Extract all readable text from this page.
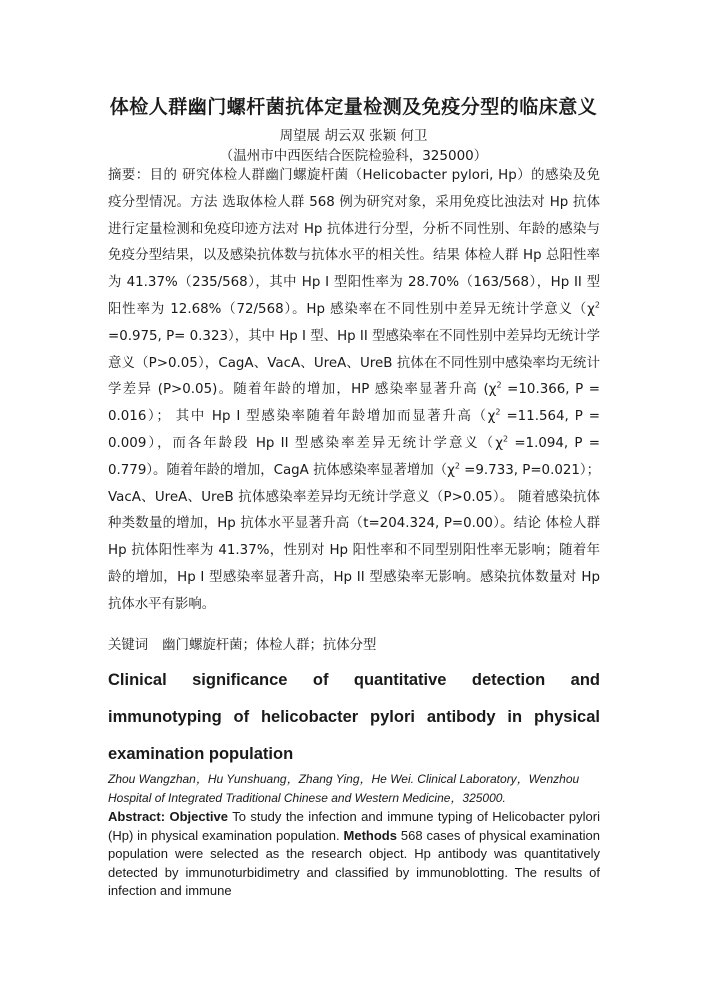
体检人群幽门螺杆菌抗体定量检测及免疫分型的临床意义
周望展 胡云双 张颖 何卫
（温州市中西医结合医院检验科，325000）
摘要：目的 研究体检人群幽门螺旋杆菌（Helicobacter pylori, Hp）的感染及免疫分型情况。方法 选取体检人群 568 例为研究对象，采用免疫比浊法对 Hp 抗体进行定量检测和免疫印迹方法对 Hp 抗体进行分型，分析不同性别、年龄的感染与免疫分型结果，以及感染抗体数与抗体水平的相关性。结果 体检人群 Hp 总阳性率为 41.37%（235/568），其中 Hp I 型阳性率为 28.70%（163/568），Hp II 型阳性率为 12.68%（72/568）。Hp 感染率在不同性别中差异无统计学意义（$\chi^2 =0.975$, P= 0.323），其中 Hp I 型、Hp II 型感染率在不同性别中差异均无统计学意义（P>0.05），CagA、VacA、UreA、UreB 抗体在不同性别中感染率均无统计学差异 (P>0.05)。随着年龄的增加，HP 感染率显著升高 ($\chi^2 =10.366$, P = 0.016）； 其中 Hp I 型感染率随着年龄增加而显著升高（$\chi^2 =11.564$, P = 0.009），而各年龄段 Hp II 型感染率差异无统计学意义（$\chi^2 =1.094$, P = 0.779）。随着年龄的增加，CagA 抗体感染率显著增加（$\chi^2 =9.733$, P=0.021）；VacA、UreA、UreB 抗体感染率差异均无统计学意义（P>0.05）。 随着感染抗体种类数量的增加，Hp 抗体水平显著升高（t=204.324, P=0.00）。结论 体检人群 Hp 抗体阳性率为 41.37%，性别对 Hp 阳性率和不同型别阳性率无影响；随着年龄的增加，Hp I 型感染率显著升高，Hp II 型感染率无影响。感染抗体数量对 Hp 抗体水平有影响。
关键词 幽门螺旋杆菌；体检人群；抗体分型
Clinical significance of quantitative detection and immunotyping of helicobacter pylori antibody in physical examination population
Zhou Wangzhan，Hu Yunshuang，Zhang Ying，He Wei. Clinical Laboratory，Wenzhou Hospital of Integrated Traditional Chinese and Western Medicine，325000.
Abstract: Objective To study the infection and immune typing of Helicobacter pylori (Hp) in physical examination population. Methods 568 cases of physical examination population were selected as the research object. Hp antibody was quantitatively detected by immunoturbidimetry and classified by immunoblotting. The results of infection and immune
